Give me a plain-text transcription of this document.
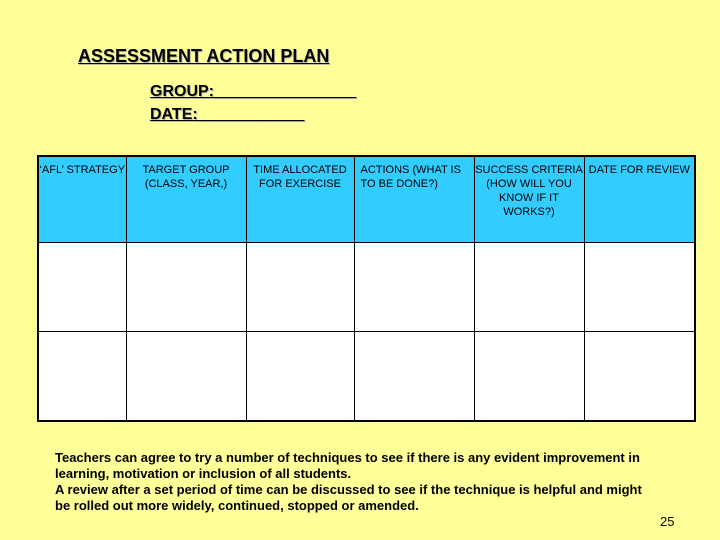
ASSESSMENT ACTION PLAN
GROUP:________________
DATE:____________
‘AFL’ STRATEGY	TARGET GROUP (CLASS, YEAR,)	TIME ALLOCATED FOR EXERCISE	ACTIONS (WHAT IS TO BE DONE?)	SUCCESS CRITERIA (HOW WILL YOU KNOW IF IT WORKS?)	DATE FOR REVIEW

Teachers can agree to try a number of techniques to see if there is any evident improvement in learning, motivation or inclusion of all students.

A review after a set period of time can be discussed to see if the technique is helpful and might be rolled out more widely, continued, stopped or amended.

25
